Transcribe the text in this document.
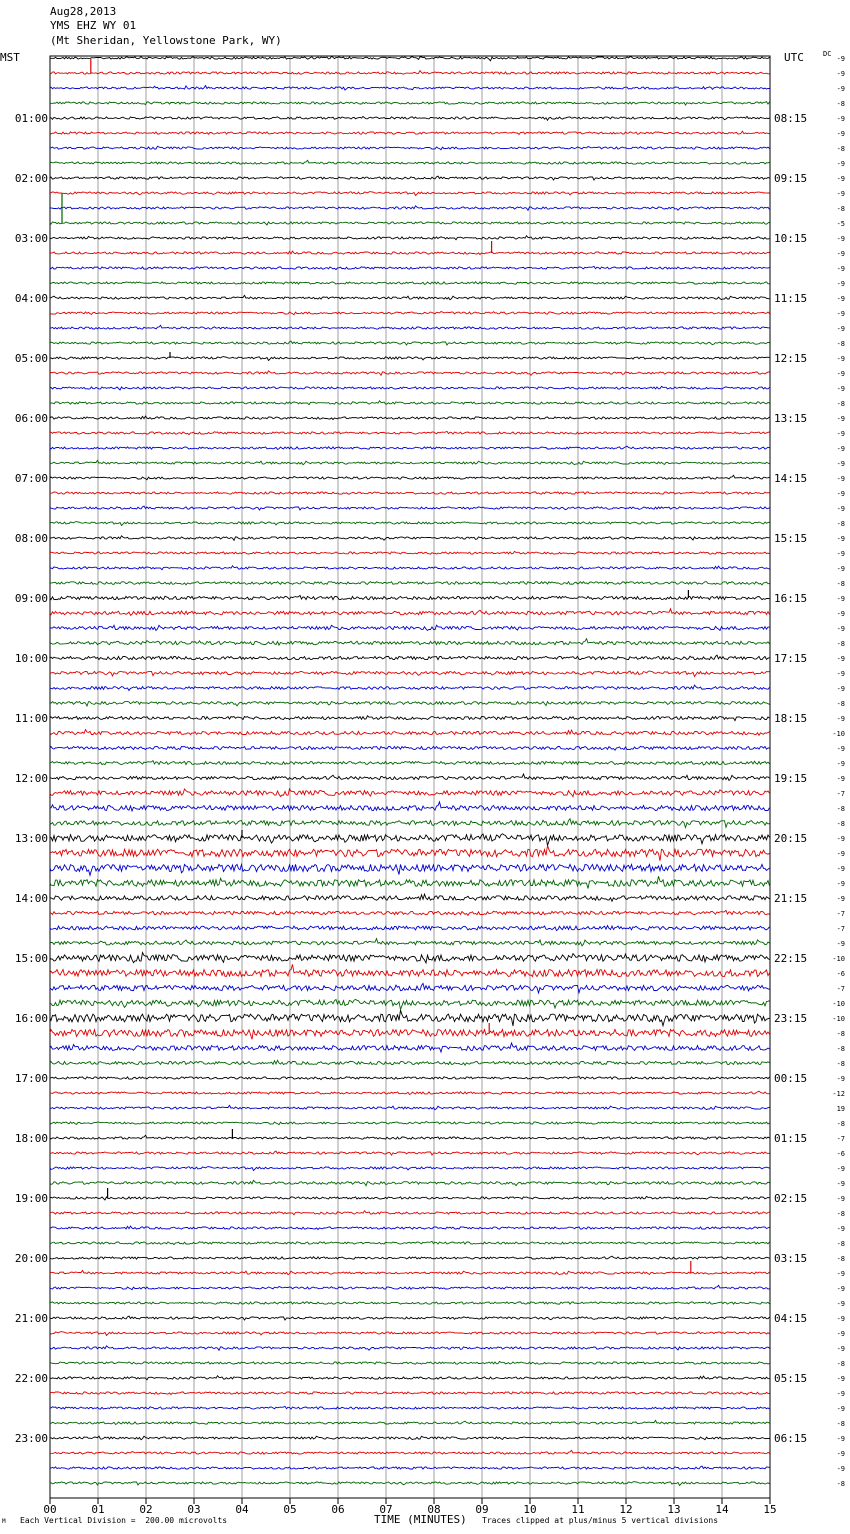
Aug28,2013
YMS EHZ WY 01
(Mt Sheridan, Yellowstone Park, WY)
MST	UTC	DC
00	01	02	03	04	05	06	07	08	09	10	11	12	13	14	15
-9
-9
-9
-8
01:00	08:15	-9
-9
-8
-9
02:00	09:15	-9
-9
-8
-5
03:00	10:15	-9
-9
-9
-9
04:00	11:15	-9
-9
-9
-8
05:00	12:15	-9
-9
-9
-8
06:00	13:15	-9
-9
-9
-9
07:00	14:15	-9
-9
-9
-8
08:00	15:15	-9
-9
-9
-8
09:00	16:15	-9
-9
-9
-8
10:00	17:15	-9
-9
-9
-8
11:00	18:15	-9
-10
-9
-9
12:00	19:15	-9
-7
-8
-8
13:00	20:15	-9
-9
-9
-9
14:00	21:15	-9
-7
-7
-9
15:00	22:15	-10
-6
-7
-10
16:00	23:15	-10
-8
-8
-8
17:00	00:15	-9
-12
19
-8
18:00	01:15	-7
-6
-9
-9
19:00	02:15	-9
-8
-9
-8
20:00	03:15	-8
-9
-9
-9
21:00	04:15	-9
-9
-9
-8
22:00	05:15	-9
-9
-9
-8
23:00	06:15	-9
-9
-9
-8
M Each Vertical Division =  200.00 microvolts	TIME (MINUTES) Traces clipped at plus/minus 5 vertical divisions
